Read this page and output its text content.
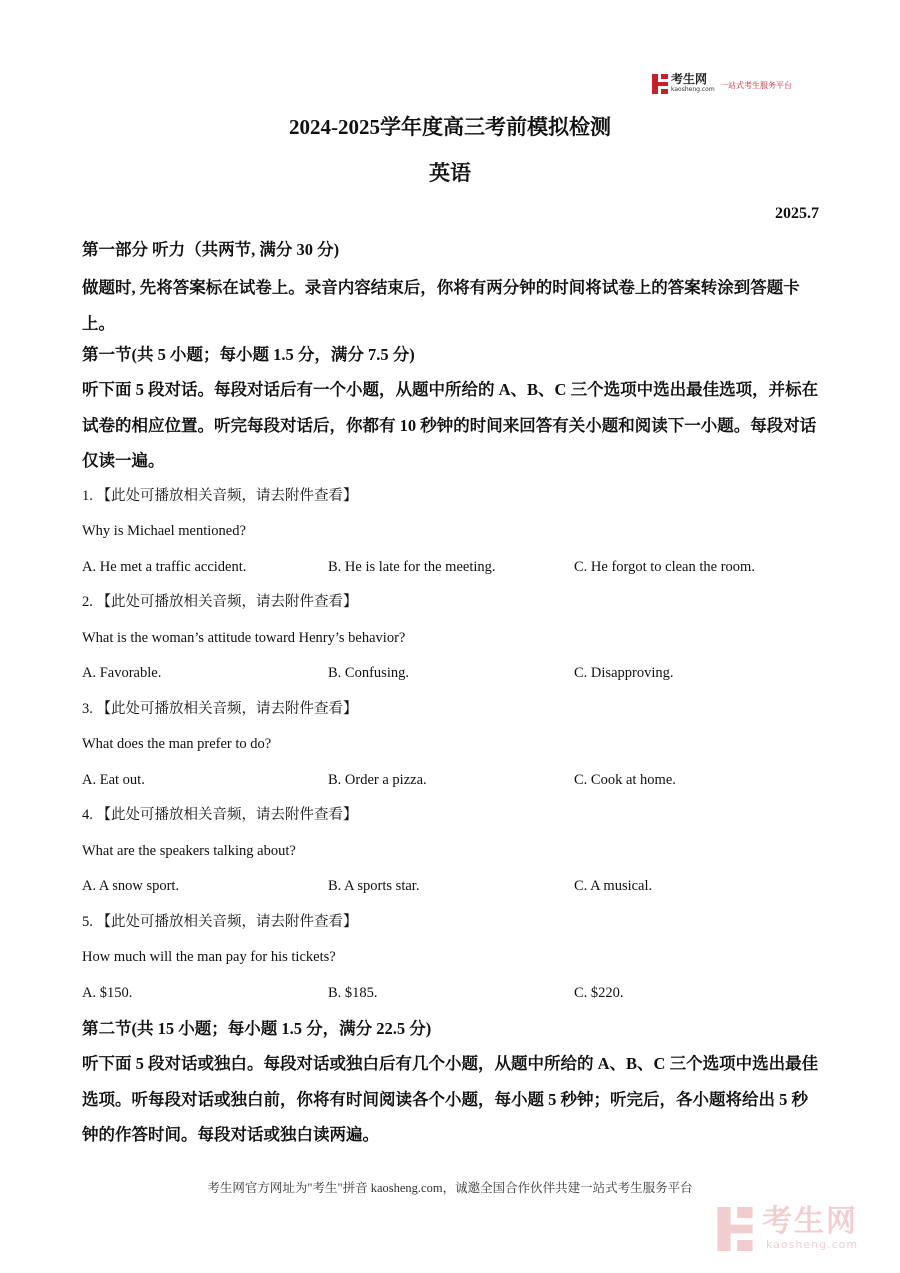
考生网
kaosheng.com 一站式考生服务平台
2024-2025学年度高三考前模拟检测
英语
2025.7
第一部分 听力（共两节, 满分 30 分)
做题时, 先将答案标在试卷上。录音内容结束后，你将有两分钟的时间将试卷上的答案转涂到答题卡上。
第一节(共 5 小题；每小题 1.5 分，满分 7.5 分)
听下面 5 段对话。每段对话后有一个小题，从题中所给的 A、B、C 三个选项中选出最佳选项，并标在试卷的相应位置。听完每段对话后，你都有 10 秒钟的时间来回答有关小题和阅读下一小题。每段对话仅读一遍。
1. 【此处可播放相关音频，请去附件查看】
Why is Michael mentioned?
A. He met a traffic accident.	B. He is late for the meeting.	C. He forgot to clean the room.
2. 【此处可播放相关音频，请去附件查看】
What is the woman’s attitude toward Henry’s behavior?
A. Favorable.	B. Confusing.	C. Disapproving.
3. 【此处可播放相关音频，请去附件查看】
What does the man prefer to do?
A. Eat out.	B. Order a pizza.	C. Cook at home.
4. 【此处可播放相关音频，请去附件查看】
What are the speakers talking about?
A. A snow sport.	B. A sports star.	C. A musical.
5. 【此处可播放相关音频，请去附件查看】
How much will the man pay for his tickets?
A. $150.	B. $185.	C. $220.
第二节(共 15 小题；每小题 1.5 分，满分 22.5 分)
听下面 5 段对话或独白。每段对话或独白后有几个小题，从题中所给的 A、B、C 三个选项中选出最佳选项。听每段对话或独白前，你将有时间阅读各个小题，每小题 5 秒钟；听完后，各小题将给出 5 秒钟的作答时间。每段对话或独白读两遍。
考生网官方网址为"考生"拼音 kaosheng.com，诚邀全国合作伙伴共建一站式考生服务平台
考生网
kaosheng.com
